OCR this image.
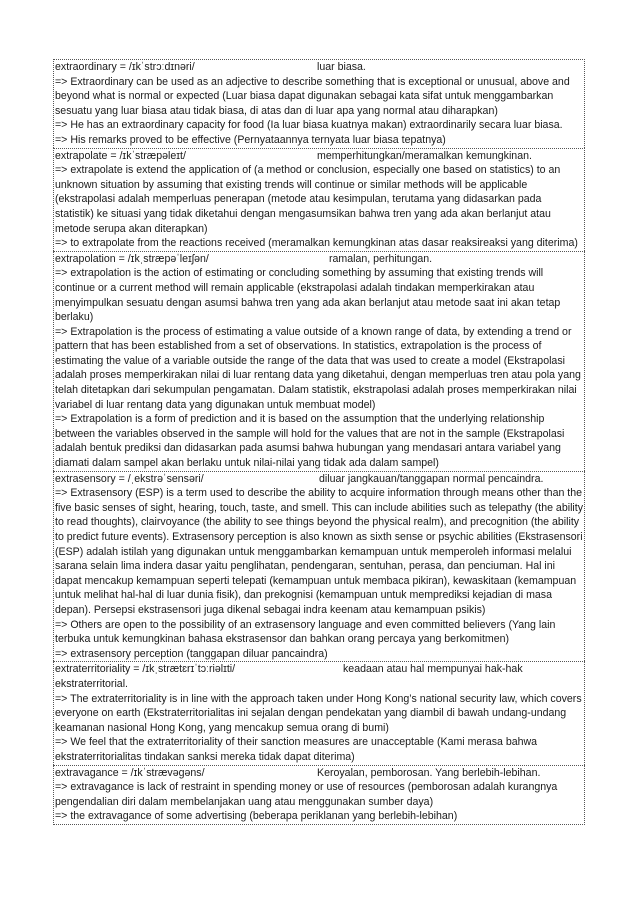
extraordinary = /ɪkˈstrɔːdɪnəri/	luar biasa.

=> Extraordinary can be used as an adjective to describe something that is exceptional or unusual, above and beyond what is normal or expected (Luar biasa dapat digunakan sebagai kata sifat untuk menggambarkan sesuatu yang luar biasa atau tidak biasa, di atas dan di luar apa yang normal atau diharapkan)

=> He has an extraordinary capacity for food (Ia luar biasa kuatnya makan) extraordinarily secara luar biasa.

=> His remarks proved to be effective (Pernyataannya ternyata luar biasa tepatnya)

extrapolate = /ɪkˈstræpəleɪt/	memperhitungkan/meramalkan kemungkinan.

=> extrapolate is extend the application of (a method or conclusion, especially one based on statistics) to an unknown situation by assuming that existing trends will continue or similar methods will be applicable (ekstrapolasi adalah memperluas penerapan (metode atau kesimpulan, terutama yang didasarkan pada statistik) ke situasi yang tidak diketahui dengan mengasumsikan bahwa tren yang ada akan berlanjut atau metode serupa akan diterapkan)

=> to extrapolate from the reactions received (meramalkan kemungkinan atas dasar reaksireaksi yang diterima)

extrapolation = /ɪkˌstræpəˈleɪʃən/	ramalan, perhitungan.

=> extrapolation is the action of estimating or concluding something by assuming that existing trends will continue or a current method will remain applicable (ekstrapolasi adalah tindakan memperkirakan atau menyimpulkan sesuatu dengan asumsi bahwa tren yang ada akan berlanjut atau metode saat ini akan tetap berlaku)

=> Extrapolation is the process of estimating a value outside of a known range of data, by extending a trend or pattern that has been established from a set of observations. In statistics, extrapolation is the process of estimating the value of a variable outside the range of the data that was used to create a model (Ekstrapolasi adalah proses memperkirakan nilai di luar rentang data yang diketahui, dengan memperluas tren atau pola yang telah ditetapkan dari sekumpulan pengamatan. Dalam statistik, ekstrapolasi adalah proses memperkirakan nilai variabel di luar rentang data yang digunakan untuk membuat model)

=> Extrapolation is a form of prediction and it is based on the assumption that the underlying relationship between the variables observed in the sample will hold for the values that are not in the sample (Ekstrapolasi adalah bentuk prediksi dan didasarkan pada asumsi bahwa hubungan yang mendasari antara variabel yang diamati dalam sampel akan berlaku untuk nilai-nilai yang tidak ada dalam sampel)

extrasensory = /ˌekstrəˈsensəri/	diluar jangkauan/tanggapan normal pencaindra.

=> Extrasensory (ESP) is a term used to describe the ability to acquire information through means other than the five basic senses of sight, hearing, touch, taste, and smell. This can include abilities such as telepathy (the ability to read thoughts), clairvoyance (the ability to see things beyond the physical realm), and precognition (the ability to predict future events). Extrasensory perception is also known as sixth sense or psychic abilities (Ekstrasensori (ESP) adalah istilah yang digunakan untuk menggambarkan kemampuan untuk memperoleh informasi melalui sarana selain lima indera dasar yaitu penglihatan, pendengaran, sentuhan, perasa, dan penciuman. Hal ini dapat mencakup kemampuan seperti telepati (kemampuan untuk membaca pikiran), kewaskitaan (kemampuan untuk melihat hal-hal di luar dunia fisik), dan prekognisi (kemampuan untuk memprediksi kejadian di masa depan). Persepsi ekstrasensori juga dikenal sebagai indra keenam atau kemampuan psikis)

=> Others are open to the possibility of an extrasensory language and even committed believers (Yang lain terbuka untuk kemungkinan bahasa ekstrasensor dan bahkan orang percaya yang berkomitmen)

=> extrasensory perception (tanggapan diluar pancaindra)

extraterritoriality = /ɪkˌstrætɛrɪˈtɔːriəlɪti/	keadaan atau hal mempunyai hak-hak

ekstraterritorial.

=> The extraterritoriality is in line with the approach taken under Hong Kong’s national security law, which covers everyone on earth (Ekstraterritorialitas ini sejalan dengan pendekatan yang diambil di bawah undang-undang keamanan nasional Hong Kong, yang mencakup semua orang di bumi)

=> We feel that the extraterritoriality of their sanction measures are unacceptable (Kami merasa bahwa ekstraterritorialitas tindakan sanksi mereka tidak dapat diterima)

extravagance = /ɪkˈstrævəgəns/	Keroyalan, pemborosan. Yang berlebih-lebihan.

=> extravagance is lack of restraint in spending money or use of resources (pemborosan adalah kurangnya pengendalian diri dalam membelanjakan uang atau menggunakan sumber daya)

=> the extravagance of some advertising (beberapa periklanan yang berlebih-lebihan)
